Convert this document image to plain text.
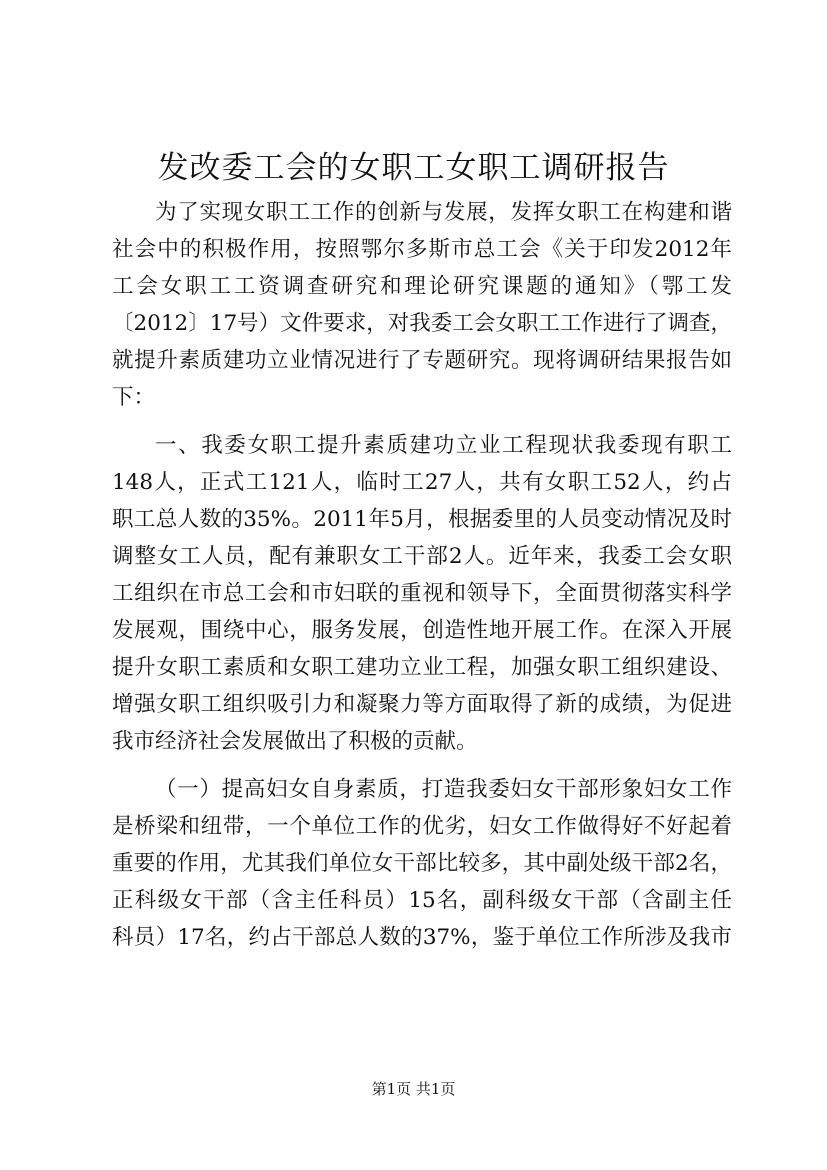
发改委工会的女职工女职工调研报告
为了实现女职工工作的创新与发展，发挥女职工在构建和谐
社会中的积极作用，按照鄂尔多斯市总工会《关于印发2012年
工会女职工工资调查研究和理论研究课题的通知》（鄂工发
〔2012〕17号）文件要求，对我委工会女职工工作进行了调查，
就提升素质建功立业情况进行了专题研究。现将调研结果报告如
下：
一、我委女职工提升素质建功立业工程现状我委现有职工
148人，正式工121人，临时工27人，共有女职工52人，约占
职工总人数的35%。2011年5月，根据委里的人员变动情况及时
调整女工人员，配有兼职女工干部2人。近年来，我委工会女职
工组织在市总工会和市妇联的重视和领导下，全面贯彻落实科学
发展观，围绕中心，服务发展，创造性地开展工作。在深入开展
提升女职工素质和女职工建功立业工程，加强女职工组织建设、
增强女职工组织吸引力和凝聚力等方面取得了新的成绩，为促进
我市经济社会发展做出了积极的贡献。
（一）提高妇女自身素质，打造我委妇女干部形象妇女工作
是桥梁和纽带，一个单位工作的优劣，妇女工作做得好不好起着
重要的作用，尤其我们单位女干部比较多，其中副处级干部2名，
正科级女干部（含主任科员）15名，副科级女干部（含副主任
科员）17名，约占干部总人数的37%，鉴于单位工作所涉及我市
第1页 共1页
